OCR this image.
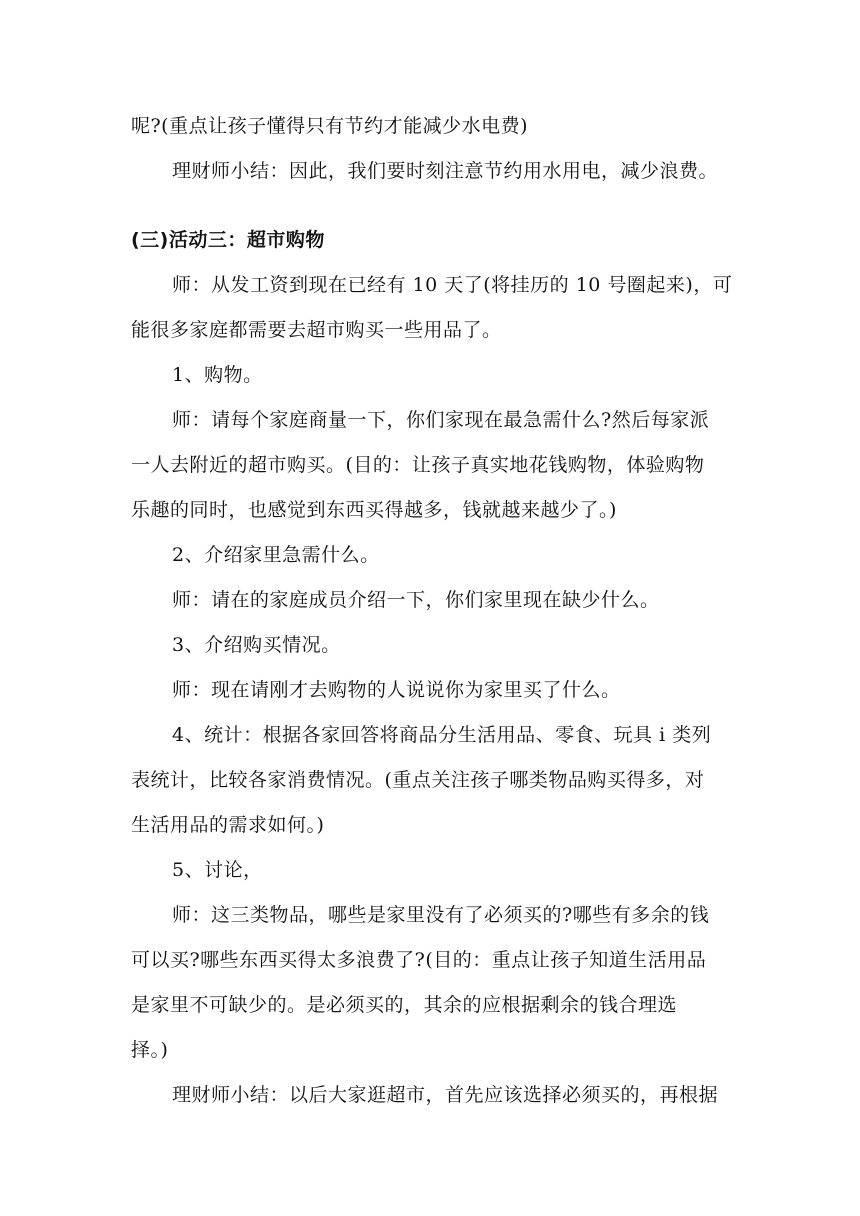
呢?(重点让孩子懂得只有节约才能减少水电费)
理财师小结：因此，我们要时刻注意节约用水用电，减少浪费。
(三)活动三：超市购物
师：从发工资到现在已经有 10 天了(将挂历的 10 号圈起来)，可
能很多家庭都需要去超市购买一些用品了。
1、购物。
师：请每个家庭商量一下，你们家现在最急需什么?然后每家派
一人去附近的超市购买。(目的：让孩子真实地花钱购物，体验购物
乐趣的同时，也感觉到东西买得越多，钱就越来越少了。)
2、介绍家里急需什么。
师：请在的家庭成员介绍一下，你们家里现在缺少什么。
3、介绍购买情况。
师：现在请刚才去购物的人说说你为家里买了什么。
4、统计：根据各家回答将商品分生活用品、零食、玩具 i 类列
表统计，比较各家消费情况。(重点关注孩子哪类物品购买得多，对
生活用品的需求如何。)
5、讨论，
师：这三类物品，哪些是家里没有了必须买的?哪些有多余的钱
可以买?哪些东西买得太多浪费了?(目的：重点让孩子知道生活用品
是家里不可缺少的。是必须买的，其余的应根据剩余的钱合理选
择。)
理财师小结：以后大家逛超市，首先应该选择必须买的，再根据
